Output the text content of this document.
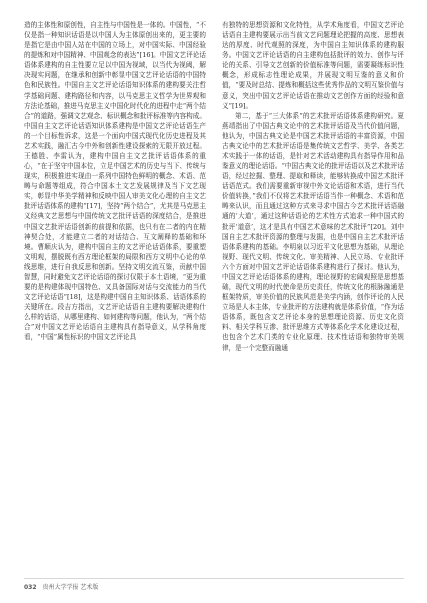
造的主体性和原创性，自主性与中国性是一体的。中国性，“不仅是指一种知识话语是以中国人为主体原创出来的，更主要的是指它是由中国人站在中国的立场上，对中国实际、中国经验的提炼和对中国精神、中国观念的表达”[16]。中国文艺评论话语体系建构的自主性要立足以中国为视域，以当代为视阈，解决现实问题，在继承和创新中彰显中国文艺评论话语的中国特色和民族性。中国自主文艺评论话语知识体系的建构要关注哲学基础问题、建构路径和内容，以马克思主义哲学为世界观和方法论基础，推进马克思主义中国化时代化的进程中走“两个结合”的道路，强调文艺观念、标识概念和批评标准等内容构成。中国自主文艺评论话语知识体系建构是中国文艺评论话语生产的一个目标性诉求，这是一个面向中国式现代化历史进程及其艺术实践，融汇古今中外和创新性建设探索的无限开放过程。王德胜、李雷认为，建构中国自主文艺批评话语体系的重心，“在于坚守中国本位，立足中国艺术的历史与当下、传统与现实，积极推进实现由一系列中国特色鲜明的概念、术语、范畴与命题等组成，符合中国本土文艺发展规律及当下文艺现实，彰显中华美学精神和反映中国人审美文化心理的自主文艺批评话语体系的建构”[17]，坚持“两个结合”，尤其是马克思主义经典文艺思想与中国传统文艺批评话语的深度结合，是推进中国文艺批评话语创新的前提和依据，也只有在二者的内在精神契合处，才能建立二者的对话结合、互文阐释的基础和环境。曹顺庆认为，建构中国自主的文艺评论话语体系，要重塑文明观，摆脱既有西方理论框架的局限和西方文明中心论的单线思维，进行自我反思和创新。坚持文明交流互鉴，贡献中国智慧，同时避免文艺评论话语的探讨仅限于本土语境，“更为重要的是构建体现中国特色、又具备国际对话与交流能力的当代文艺评论话语”[18]，这是构建中国自主知识体系、话语体系的关键所在。段吉方指出，文艺评论话语自主建构要解决建构什么样的话语，从哪里建构、如何建构等问题，他认为，“两个结合”对中国文艺评论话语自主建构具有指导意义，从学科角度看，“中国”属性标识的中国文艺评论具

有独特的思想资源和文化特性，从学术角度看，中国文艺评论话语自主建构要展示出当前文艺问题理论把握的高度、思想表达的厚度、时代观照的深度，为中国自主知识体系的建构服务。中国文艺评论话语的自主建构包括批评的效力、创作与评论的关系、引导文艺创新的价值标准等问题，需要凝练标识性概念，形成标志性理论成果，并展现文明互鉴的意义和价值，“要及时总结、提炼和概括这些优秀作品的文明互鉴价值与意义，突出中国文艺评论话语在推动文艺创作方面的经验和意义”[19]。

第二，基于“三大体系”的艺术批评话语体系建构研究。夏燕靖指出了中国古典文论中的艺术批评话语及当代价值问题，他认为，中国古典文论是中国艺术批评话语的丰富资源，中国古典文论中的艺术批评话语是集传统文艺哲学、美学、各类艺术实践于一体的话语，是针对艺术活动建构具有指导作用和品鉴意义的理论话语。“中国古典文论的批评话语以及艺术批评话语，经过挖掘、整理、提取和释读，能够转换成中国艺术批评话语范式。我们需要重新审视中外文论话语和术语，进行当代价值转换，”我们不仅将艺术批评话语当作一种概念、术语和范畴来认识，而且通过这种方式来寻求中国古今艺术批评话语融通的‘大道’，通过这种话语论的艺术性方式追求一种中国式的批评‘道意’，这才是具有中国艺术意味的艺术批评”[20]。刘中国自主艺术批评资源的整理与发掘，也是中国自主艺术批评话语体系建构的基础。李明泉以习近平文化思想为基础，从理论视野、现代文明、传统文化、审美精神、人民立场、专业批评六个方面对中国文艺评论话语体系建构进行了探讨。他认为，中国文艺评论话语体系的建构，理论视野的宏阔观照是思想基础，现代文明的时代使命是历史责任，传统文化的根脉融通是框架特质，审美价值的民族风范是美学内涵，创作评论的人民立场是人本主体，专业批评的方法建构就是体系价值，“作为话语体系，既包含文艺评论本身的思想理论资源、历史文化资料、相关学科互渗、批评思维方式等体系化学术化建设过程，也包含个艺术门类的专业化原理、技术性话语和独特审美规律，是一个完整而融通

032 贵州大学学报 艺术版
